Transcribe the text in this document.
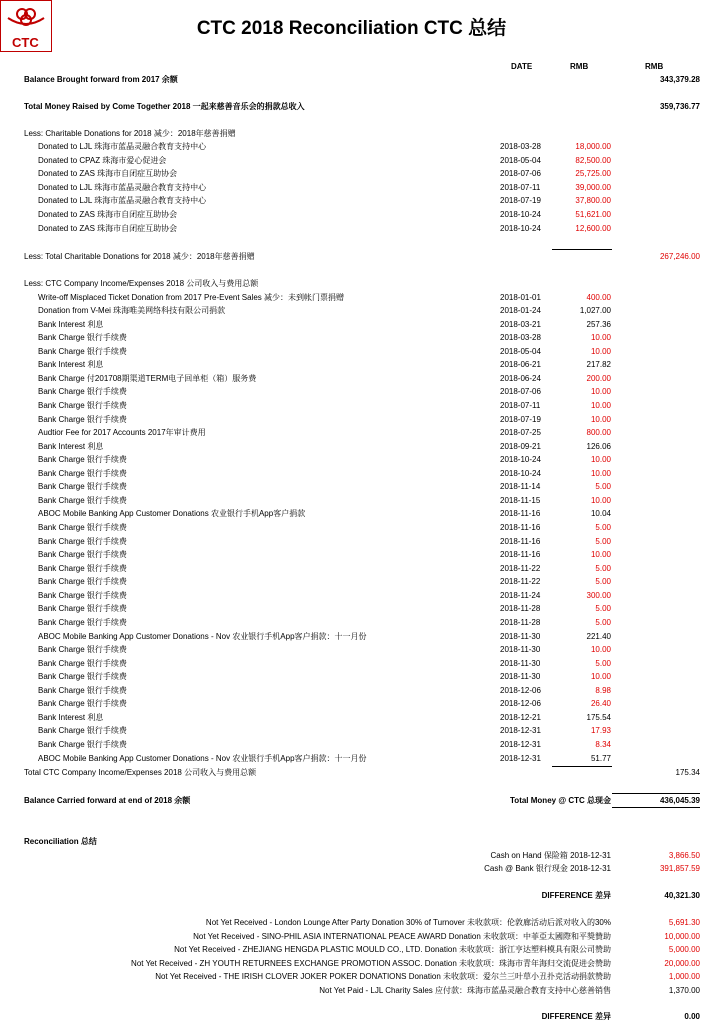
CTC
CTC 2018 Reconciliation CTC 总结
DATE	RMB	RMB
Balance Brought forward from 2017 余额	343,379.28
Total Money Raised by Come Together 2018 一起来慈善音乐会的捐款总收入	359,736.77
Less: Charitable Donations for 2018 减少：2018年慈善捐赠
Donated to LJL 珠海市蓝晶灵融合教育支持中心	2018-03-28	18,000.00
Donated to CPAZ 珠海市爱心促进会	2018-05-04	82,500.00
Donated to ZAS 珠海市自闭症互助协会	2018-07-06	25,725.00
Donated to LJL 珠海市蓝晶灵融合教育支持中心	2018-07-11	39,000.00
Donated to LJL 珠海市蓝晶灵融合教育支持中心	2018-07-19	37,800.00
Donated to ZAS 珠海市自闭症互助协会	2018-10-24	51,621.00
Donated to ZAS 珠海市自闭症互助协会	2018-10-24	12,600.00
Less: Total Charitable Donations for 2018 减少：2018年慈善捐赠	267,246.00
Less: CTC Company Income/Expenses 2018 公司收入与费用总额
Write-off Misplaced Ticket Donation from 2017 Pre-Event Sales 减少：未到帐门票捐赠	2018-01-01	400.00
Donation from V-Mei 珠海唯美网络科技有限公司捐款	2018-01-24	1,027.00
Bank Interest 利息	2018-03-21	257.36
Bank Charge 银行手续费	2018-03-28	10.00
Bank Charge 银行手续费	2018-05-04	10.00
Bank Interest 利息	2018-06-21	217.82
Bank Charge 付201708期渠道TERM电子回单柜（箱）服务费	2018-06-24	200.00
Bank Charge 银行手续费	2018-07-06	10.00
Bank Charge 银行手续费	2018-07-11	10.00
Bank Charge 银行手续费	2018-07-19	10.00
Audtior Fee for 2017 Accounts 2017年审计费用	2018-07-25	800.00
Bank Interest 利息	2018-09-21	126.06
Bank Charge 银行手续费	2018-10-24	10.00
Bank Charge 银行手续费	2018-10-24	10.00
Bank Charge 银行手续费	2018-11-14	5.00
Bank Charge 银行手续费	2018-11-15	10.00
ABOC Mobile Banking App Customer Donations 农业银行手机App客户捐款	2018-11-16	10.04
Bank Charge 银行手续费	2018-11-16	5.00
Bank Charge 银行手续费	2018-11-16	5.00
Bank Charge 银行手续费	2018-11-16	10.00
Bank Charge 银行手续费	2018-11-22	5.00
Bank Charge 银行手续费	2018-11-22	5.00
Bank Charge 银行手续费	2018-11-24	300.00
Bank Charge 银行手续费	2018-11-28	5.00
Bank Charge 银行手续费	2018-11-28	5.00
ABOC Mobile Banking App Customer Donations - Nov 农业银行手机App客户捐款：十一月份	2018-11-30	221.40
Bank Charge 银行手续费	2018-11-30	10.00
Bank Charge 银行手续费	2018-11-30	5.00
Bank Charge 银行手续费	2018-11-30	10.00
Bank Charge 银行手续费	2018-12-06	8.98
Bank Charge 银行手续费	2018-12-06	26.40
Bank Interest 利息	2018-12-21	175.54
Bank Charge 银行手续费	2018-12-31	17.93
Bank Charge 银行手续费	2018-12-31	8.34
ABOC Mobile Banking App Customer Donations - Nov 农业银行手机App客户捐款：十一月份	2018-12-31	51.77
Total CTC Company Income/Expenses 2018 公司收入与费用总额	175.34
Balance Carried forward at end of 2018 余额	Total Money @ CTC 总现金	436,045.39
Reconciliation 总结
Cash on Hand 保险箱 2018-12-31	3,866.50
Cash @ Bank 银行现金 2018-12-31	391,857.59
DIFFERENCE 差异	40,321.30
Not Yet Received - London Lounge After Party Donation 30% of Turnover 未收款项：伦敦廊活动后派对收入的30%	5,691.30
Not Yet Received - SINO-PHIL ASIA INTERNATIONAL PEACE AWARD Donation 未收款项：中菲亞太國際和平獎贊助	10,000.00
Not Yet Received - ZHEJIANG HENGDA PLASTIC MOULD CO., LTD. Donation 未收款项：浙江亨达塑料模具有限公司赞助	5,000.00
Not Yet Received - ZH YOUTH RETURNEES EXCHANGE PROMOTION ASSOC. Donation 未收款项：珠海市青年海归交流促进会赞助	20,000.00
Not Yet Received - THE IRISH CLOVER JOKER POKER DONATIONS Donation 未收款项：爱尔兰三叶草小丑扑克活动捐款赞助	1,000.00
Not Yet Paid - LJL Charity Sales 应付款：珠海市蓝晶灵融合教育支持中心慈善销售	1,370.00
DIFFERENCE 差异	0.00
